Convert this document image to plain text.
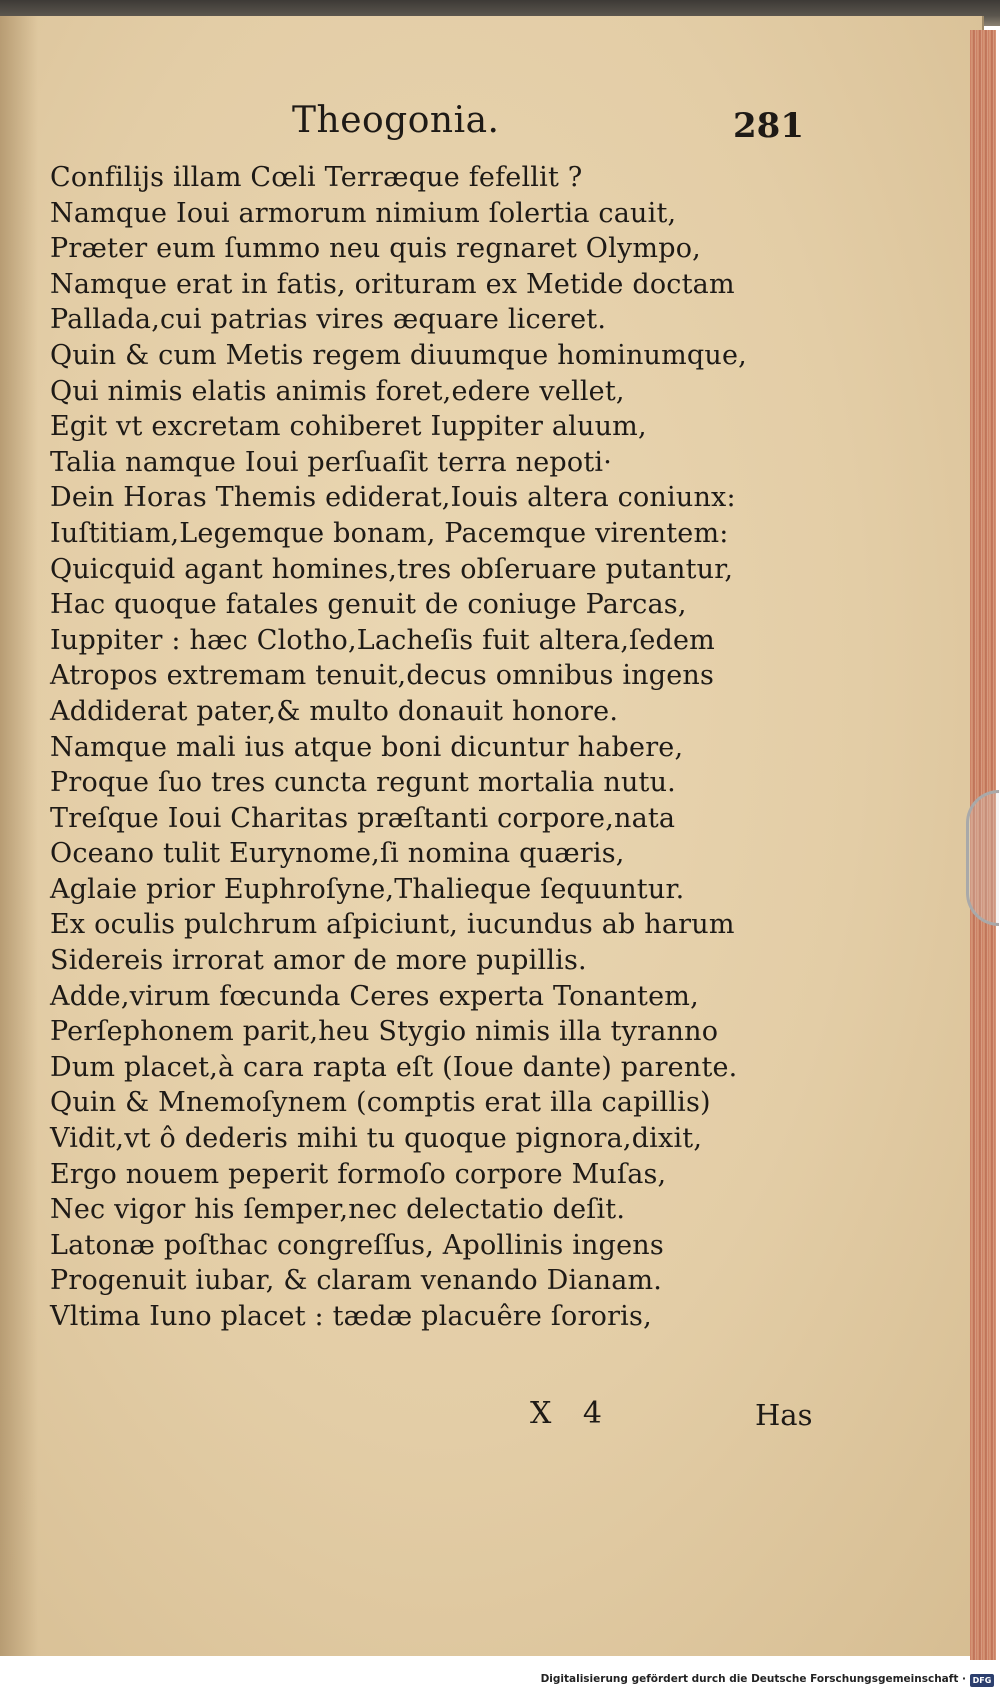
Theogonia.	281
Confilijs illam Cœli Terræque fefellit ?
Namque Ioui armorum nimium ſolertia cauit,
Præter eum ſummo neu quis regnaret Olympo,
Namque erat in fatis, orituram ex Metide doctam
Pallada,cui patrias vires æquare liceret.
Quin & cum Metis regem diuumque hominumque,
Qui nimis elatis animis foret,edere vellet,
Egit vt excretam cohiberet Iuppiter aluum,
Talia namque Ioui perſuaſit terra nepoti·
Dein Horas Themis ediderat,Iouis altera coniunx:
Iuſtitiam,Legemque bonam, Pacemque virentem:
Quicquid agant homines,tres obſeruare putantur,
Hac quoque fatales genuit de coniuge Parcas,
Iuppiter : hæc Clotho,Lacheſis fuit altera,ſedem
Atropos extremam tenuit,decus omnibus ingens
Addiderat pater,& multo donauit honore.
Namque mali ius atque boni dicuntur habere,
Proque ſuo tres cuncta regunt mortalia nutu.
Treſque Ioui Charitas præſtanti corpore,nata
Oceano tulit Eurynome,ſi nomina quæris,
Aglaie prior Euphroſyne,Thalieque ſequuntur.
Ex oculis pulchrum aſpiciunt, iucundus ab harum
Sidereis irrorat amor de more pupillis.
Adde,virum fœcunda Ceres experta Tonantem,
Perſephonem parit,heu Stygio nimis illa tyranno
Dum placet,à cara rapta eſt (Ioue dante) parente.
Quin & Mnemoſynem (comptis erat illa capillis)
Vidit,vt ô dederis mihi tu quoque pignora,dixit,
Ergo nouem peperit formoſo corpore Muſas,
Nec vigor his ſemper,nec delectatio deſit.
Latonæ poſthac congreſſus, Apollinis ingens
Progenuit iubar, & claram venando Dianam.
Vltima Iuno placet : tædæ placuêre ſororis,
X 4	Has
Digitalisierung gefördert durch die Deutsche Forschungsgemeinschaft · DFG
